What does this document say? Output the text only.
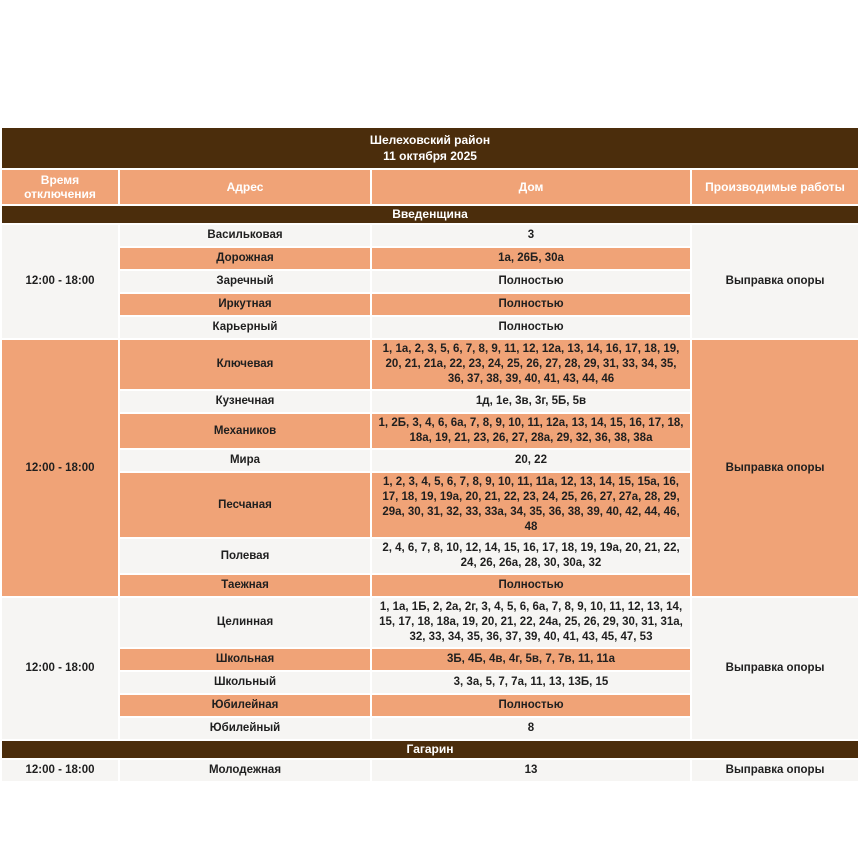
Шелеховский район
11 октября 2025			

Время отключения	Адрес	Дом	Производимые работы
Введенщина			
12:00 - 18:00	Васильковая	3	Выправка опоры
	Дорожная	1а, 26Б, 30а	
	Заречный	Полностью	
	Иркутная	Полностью	
	Карьерный	Полностью	
12:00 - 18:00	Ключевая	1, 1а, 2, 3, 5, 6, 7, 8, 9, 11, 12, 12а, 13, 14, 16, 17, 18, 19, 20, 21, 21а, 22, 23, 24, 25, 26, 27, 28, 29, 31, 33, 34, 35, 36, 37, 38, 39, 40, 41, 43, 44, 46	Выправка опоры
	Кузнечная	1д, 1е, 3в, 3г, 5Б, 5в	
	Механиков	1, 2Б, 3, 4, 6, 6а, 7, 8, 9, 10, 11, 12а, 13, 14, 15, 16, 17, 18, 18а, 19, 21, 23, 26, 27, 28а, 29, 32, 36, 38, 38а	
	Мира	20, 22	
	Песчаная	1, 2, 3, 4, 5, 6, 7, 8, 9, 10, 11, 11а, 12, 13, 14, 15, 15а, 16, 17, 18, 19, 19а, 20, 21, 22, 23, 24, 25, 26, 27, 27а, 28, 29, 29а, 30, 31, 32, 33, 33а, 34, 35, 36, 38, 39, 40, 42, 44, 46, 48	
	Полевая	2, 4, 6, 7, 8, 10, 12, 14, 15, 16, 17, 18, 19, 19а, 20, 21, 22, 24, 26, 26а, 28, 30, 30а, 32	
	Таежная	Полностью	
12:00 - 18:00	Целинная	1, 1а, 1Б, 2, 2а, 2г, 3, 4, 5, 6, 6а, 7, 8, 9, 10, 11, 12, 13, 14, 15, 17, 18, 18а, 19, 20, 21, 22, 24а, 25, 26, 29, 30, 31, 31а, 32, 33, 34, 35, 36, 37, 39, 40, 41, 43, 45, 47, 53	Выправка опоры
	Школьная	3Б, 4Б, 4в, 4г, 5в, 7, 7в, 11, 11а	
	Школьный	3, 3а, 5, 7, 7а, 11, 13, 13Б, 15	
	Юбилейная	Полностью	
	Юбилейный	8	
Гагарин			
12:00 - 18:00	Молодежная	13	Выправка опоры
